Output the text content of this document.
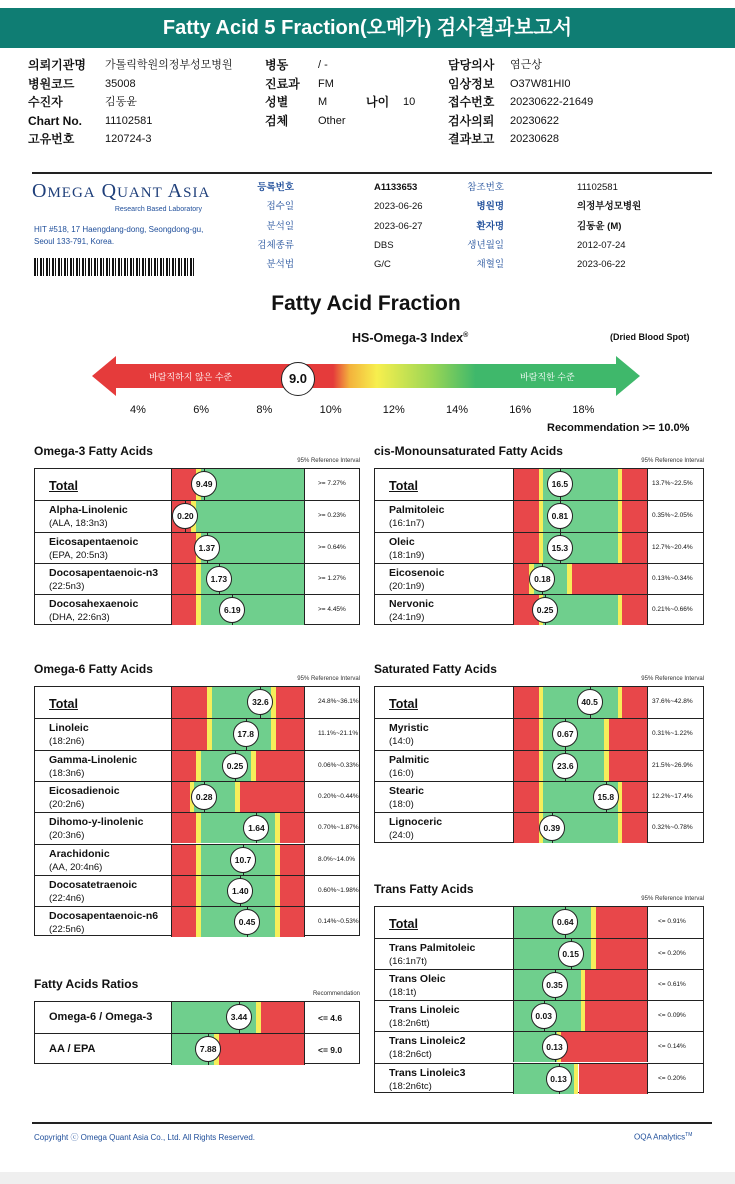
Fatty Acid 5 Fraction(오메가) 검사결과보고서
OMEGA QUANT ASIA
Research Based Laboratory
HIT #518, 17 Haengdang-dong, Seongdong-gu,
Seoul 133-791, Korea.
등록번호	A1133653
접수일	2023-06-26
분석일	2023-06-27
검체종류	DBS
분석법	G/C
참조번호	11102581
병원명	의정부성모병원
환자명	김동윤 (M)
생년월일	2012-07-24
채혈일	2023-06-22
Fatty Acid Fraction
HS-Omega-3 Index®	(Dried Blood Spot)
바람직하지 않은 수준	바람직한 수준
9.0
4%	6%	8%	10%	12%	14%	16%	18%
Recommendation >= 10.0%
Omega-3 Fatty Acids
95% Reference Interval
Total	9.49	>= 7.27%
Alpha-Linolenic
(ALA, 18:3n3)
0.20	>= 0.23%
Eicosapentaenoic
(EPA, 20:5n3)
1.37	>= 0.64%
Docosapentaenoic-n3
(22:5n3)
1.73	>= 1.27%
Docosahexaenoic
(DHA, 22:6n3)
6.19	>= 4.45%
cis-Monounsaturated Fatty Acids
95% Reference Interval
Total	16.5	13.7%~22.5%
Palmitoleic
(16:1n7)
0.81	0.35%~2.05%
Oleic
(18:1n9)
15.3	12.7%~20.4%
Eicosenoic
(20:1n9)
0.18	0.13%~0.34%
Nervonic
(24:1n9)
0.25	0.21%~0.66%
Omega-6 Fatty Acids
95% Reference Interval
Total	32.6	24.8%~36.1%
Linoleic
(18:2n6)
17.8	11.1%~21.1%
Gamma-Linolenic
(18:3n6)
0.25	0.06%~0.33%
Eicosadienoic
(20:2n6)
0.28	0.20%~0.44%
Dihomo-y-linolenic
(20:3n6)
1.64	0.70%~1.87%
Arachidonic
(AA, 20:4n6)
10.7	8.0%~14.0%
Docosatetraenoic
(22:4n6)
1.40	0.60%~1.98%
Docosapentaenoic-n6
(22:5n6)
0.45	0.14%~0.53%
Saturated Fatty Acids
95% Reference Interval
Total	40.5	37.6%~42.8%
Myristic
(14:0)
0.67	0.31%~1.22%
Palmitic
(16:0)
23.6	21.5%~26.9%
Stearic
(18:0)
15.8	12.2%~17.4%
Lignoceric
(24:0)
0.39	0.32%~0.78%
Trans Fatty Acids
95% Reference Interval
Total	0.64	<= 0.91%
Trans Palmitoleic
(16:1n7t)
0.15	<= 0.20%
Trans Oleic
(18:1t)
0.35	<= 0.61%
Trans Linoleic
(18:2n6tt)
0.03	<= 0.09%
Trans Linoleic2
(18:2n6ct)
0.13	<= 0.14%
Trans Linoleic3
(18:2n6tc)
0.13	<= 0.20%
Fatty Acids Ratios
Recommendation
Omega-6 / Omega-3	3.44	<= 4.6
AA / EPA	7.88	<= 9.0
Copyright ⓒ Omega Quant Asia Co., Ltd. All Rights Reserved.	OQA Analytics™
의뢰기관명 가톨릭학원의정부성모병원
병원코드	35008
수진자	김동윤
Chart No. 11102581
고유번호	120724-3
병동	/ -
진료과 FM
성별	M	나이 10
검체	Other
담당의사 염근상
임상정보 O37W81HI0
접수번호 20230622-21649
검사의뢰 20230622
결과보고 20230628
